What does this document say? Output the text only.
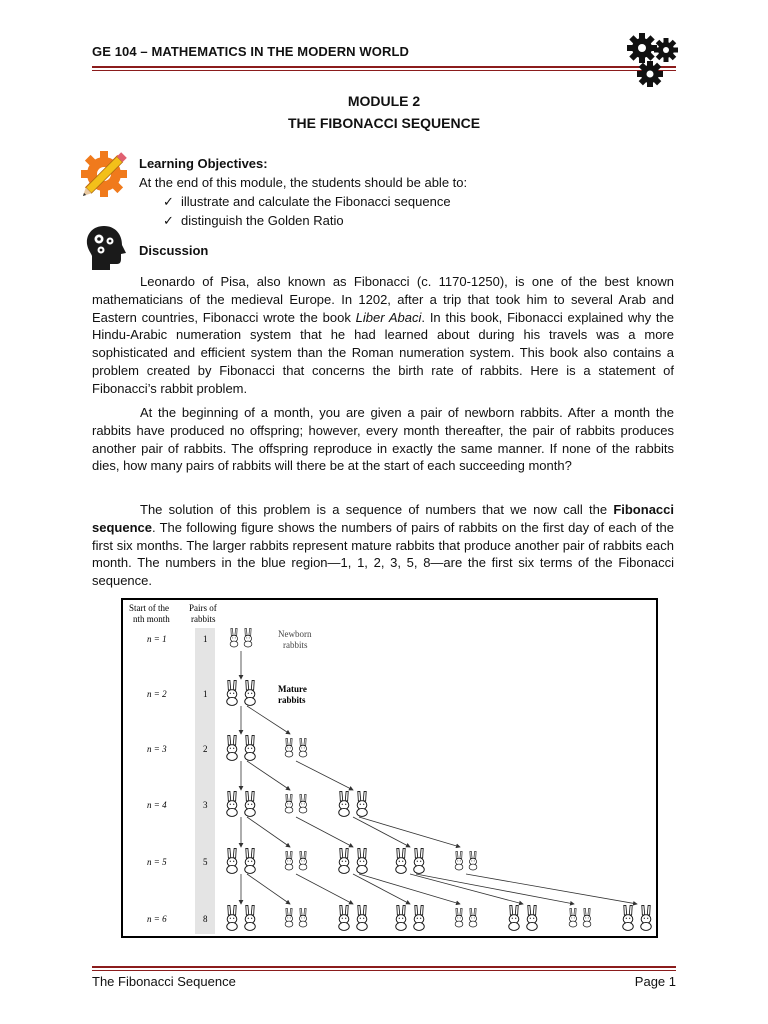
GE 104 – MATHEMATICS IN THE MODERN WORLD
MODULE 2
THE FIBONACCI SEQUENCE
Learning Objectives:
At the end of this module, the students should be able to:
✓ illustrate and calculate the Fibonacci sequence
✓ distinguish the Golden Ratio
Discussion

Leonardo of Pisa, also known as Fibonacci (c. 1170-1250), is one of the best known mathematicians of the medieval Europe. In 1202, after a trip that took him to several Arab and Eastern countries, Fibonacci wrote the book Liber Abaci. In this book, Fibonacci explained why the Hindu-Arabic numeration system that he had learned about during his travels was a more sophisticated and efficient system than the Roman numeration system. This book also contains a problem created by Fibonacci that concerns the birth rate of rabbits. Here is a statement of Fibonacci’s rabbit problem.

At the beginning of a month, you are given a pair of newborn rabbits. After a month the rabbits have produced no offspring; however, every month thereafter, the pair of rabbits produces another pair of rabbits. The offspring reproduce in exactly the same manner. If none of the rabbits dies, how many pairs of rabbits will there be at the start of each succeeding month?

The solution of this problem is a sequence of numbers that we now call the Fibonacci sequence. The following figure shows the numbers of pairs of rabbits on the first day of each of the first six months. The larger rabbits represent mature rabbits that produce another pair of rabbits each month. The numbers in the blue region—1, 1, 2, 3, 5, 8—are the first six terms of the Fibonacci sequence.

Start of the
nth month
Pairs of
rabbits
Newborn
rabbits
Mature
rabbits
n = 1	1
n = 2	1
n = 3	2
n = 4	3
n = 5	5
n = 6	8
The Fibonacci Sequence	Page 1
